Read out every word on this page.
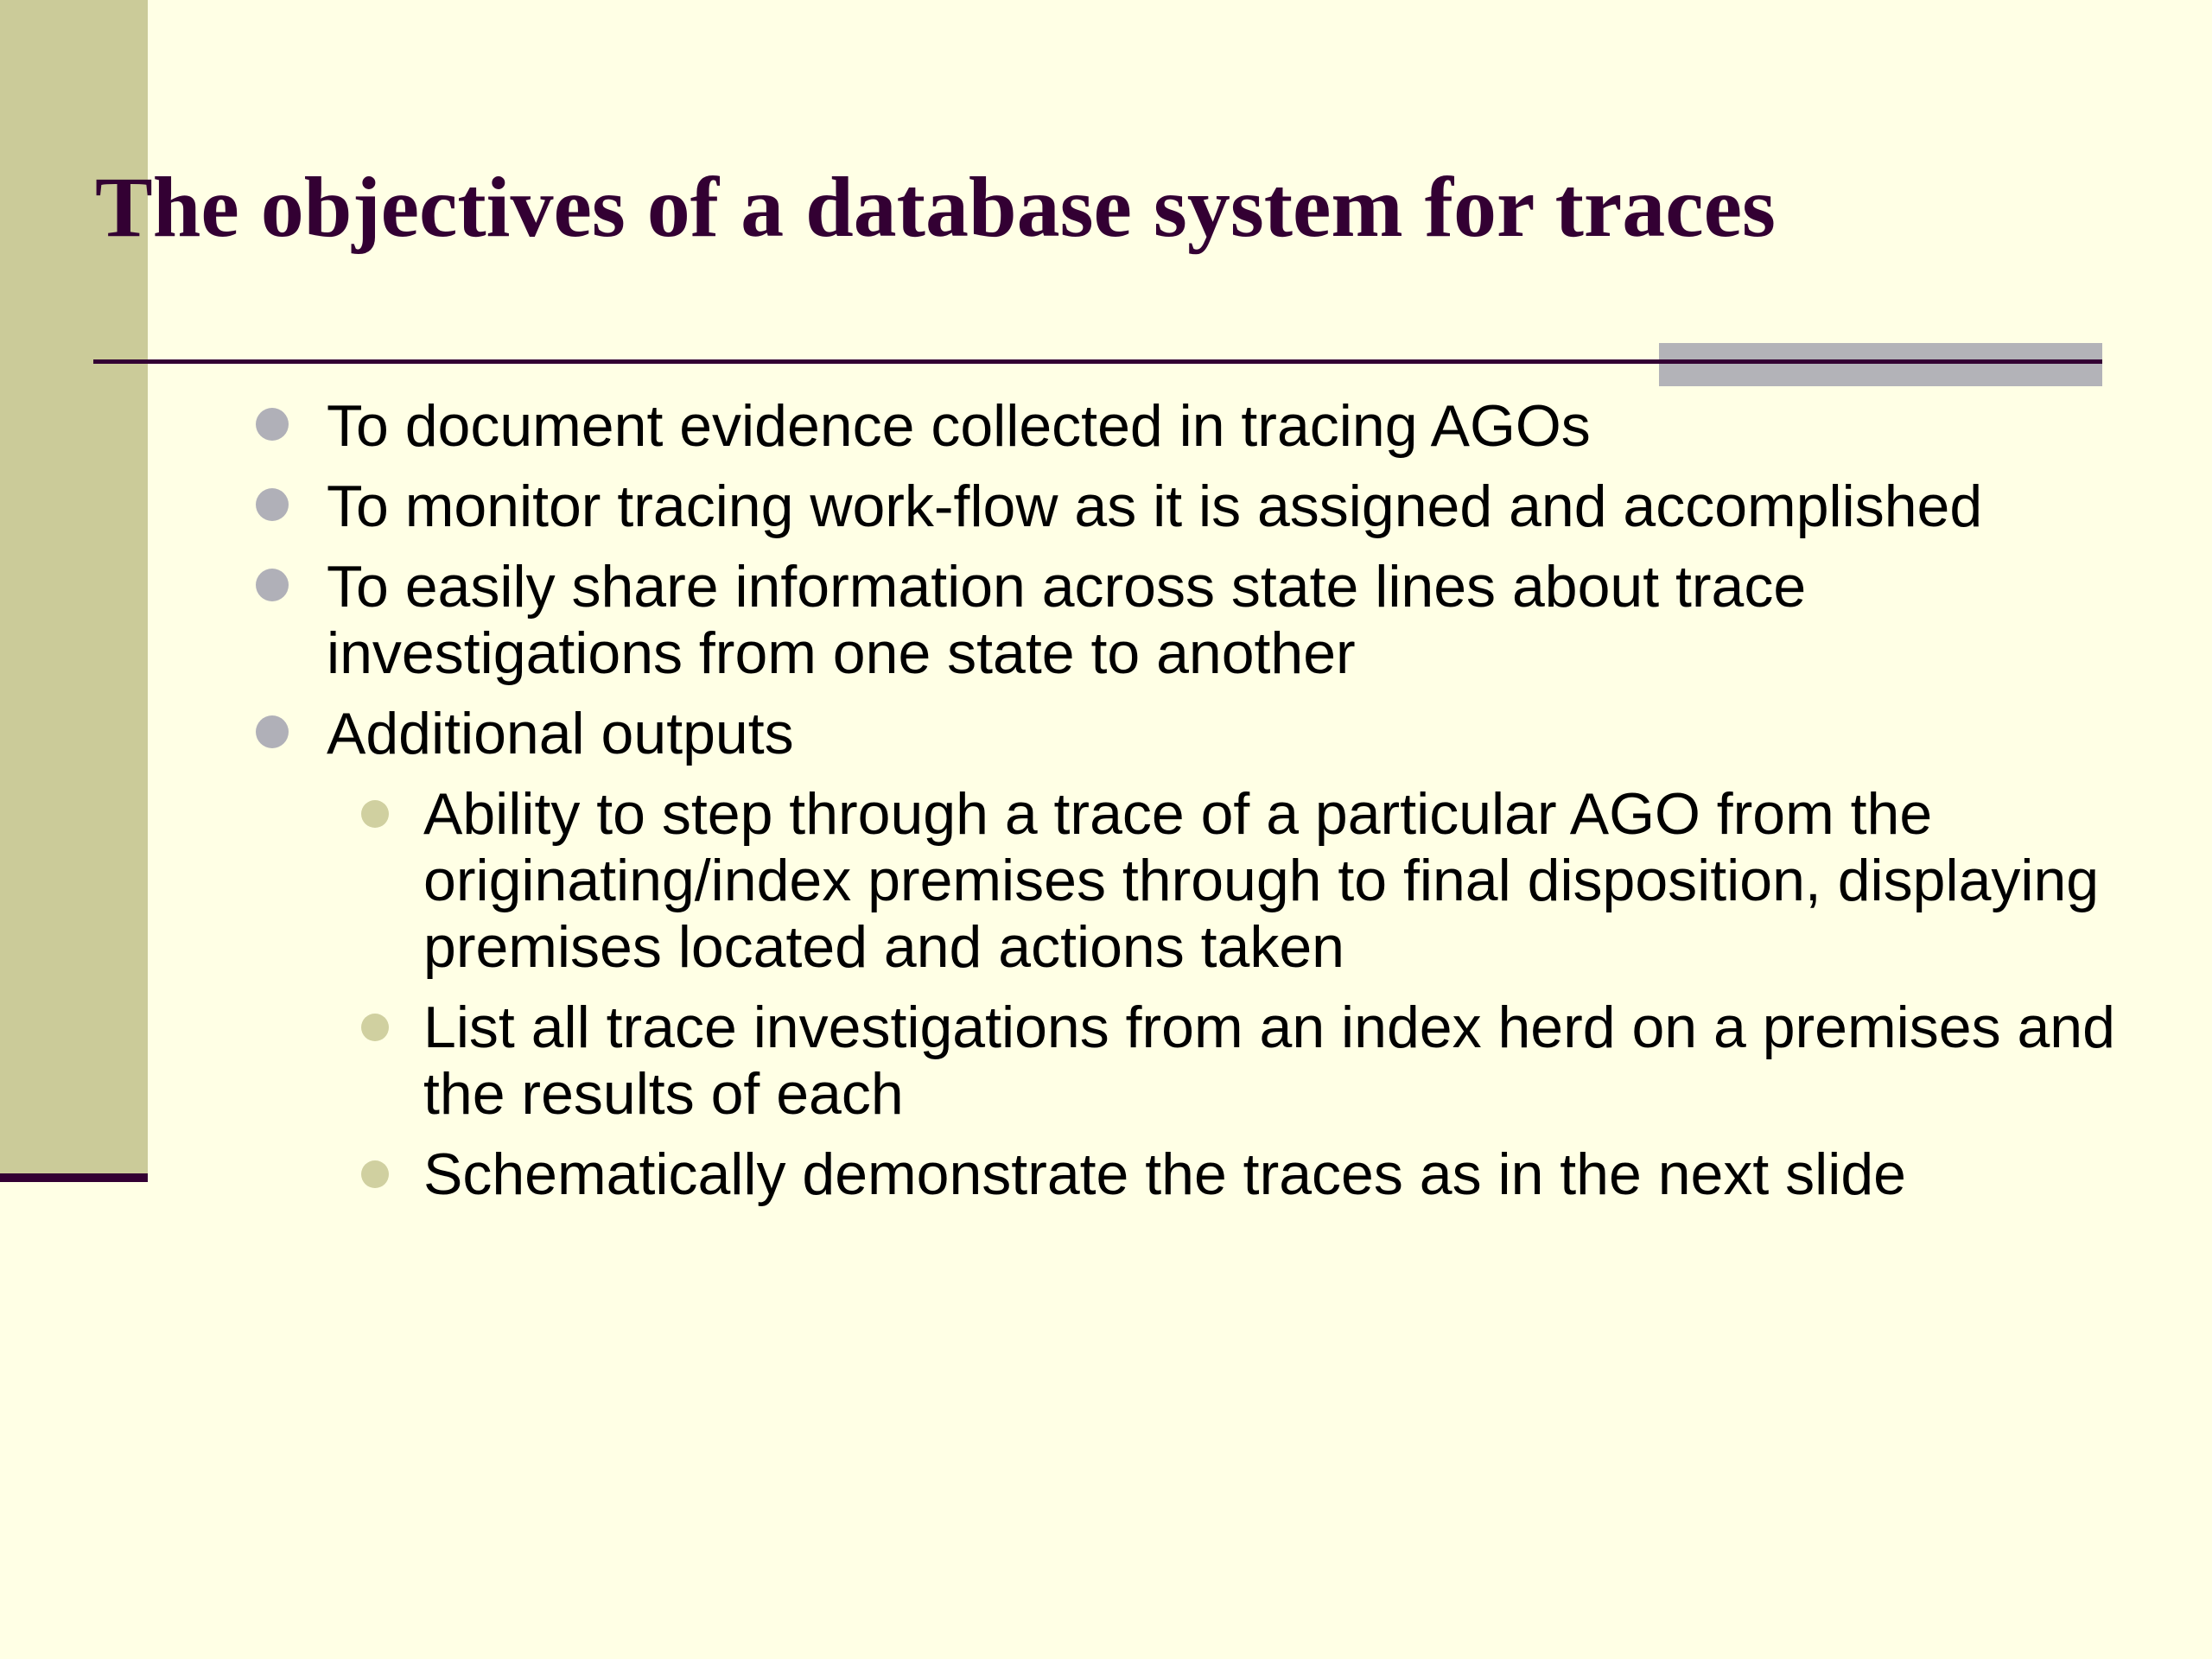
The objectives of a database system for traces
To document evidence collected in tracing AGOs
To monitor tracing work-flow as it is assigned and accomplished
To easily share information across state lines about trace investigations from one state to another
Additional outputs
Ability to step through a trace of a particular AGO from the originating/index premises through to final disposition, displaying premises located and actions taken
List all trace investigations from an index herd on a premises and the results of each
Schematically demonstrate the traces as in the next slide
